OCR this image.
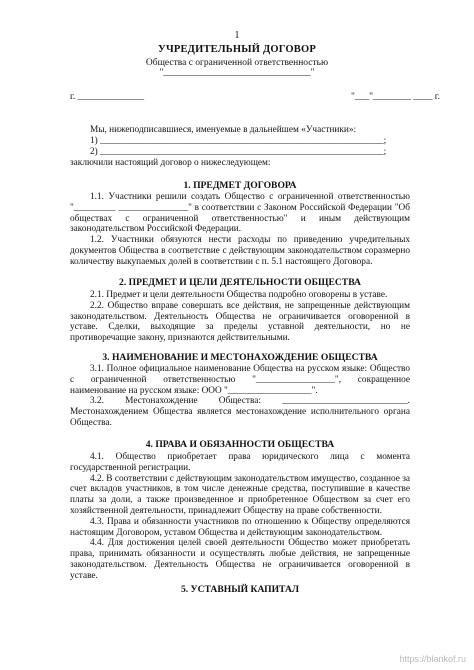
1
УЧРЕДИТЕЛЬНЫЙ ДОГОВОР
Общества с ограниченной ответственностью
"_______________________________"
г. ______________	"___"________ ____ г.

Мы, нижеподписавшиеся, именуемые в дальнейшем «Участники»:

1) _____________________________________________________________;

2) _____________________________________________________________;

заключили настоящий договор о нижеследующем:

1. ПРЕДМЕТ ДОГОВОРА

1.1. Участники решили создать Общество с ограниченной ответственностью "_________ _______________" в соответствии с Законом Российской Федерации "Об обществах с ограниченной ответственностью" и иным действующим законодательством Российской Федерации.

1.2. Участники обязуются нести расходы по приведению учредительных документов Общества в соответствие с действующим законодательством соразмерно количеству выкупаемых долей в соответствии с п. 5.1 настоящего Договора.

2. ПРЕДМЕТ И ЦЕЛИ ДЕЯТЕЛЬНОСТИ ОБЩЕСТВА

2.1. Предмет и цели деятельности Общества подробно оговорены в уставе.

2.2. Общество вправе совершать все действия, не запрещенные действующим законодательством. Деятельность Общества не ограничивается оговоренной в уставе. Сделки, выходящие за пределы уставной деятельности, но не противоречащие закону, признаются действительными.

3. НАИМЕНОВАНИЕ И МЕСТОНАХОЖДЕНИЕ ОБЩЕСТВА

3.1. Полное официальное наименование Общества на русском языке: Общество с ограниченной ответственностью "_________________", сокращенное наименование на русском языке: ООО "__________________".

3.2. Местонахождение Общества: ___________________________. Местонахождением Общества является местонахождение исполнительного органа Общества.

4. ПРАВА И ОБЯЗАННОСТИ ОБЩЕСТВА

4.1. Общество приобретает права юридического лица с момента государственной регистрации.

4.2. В соответствии с действующим законодательством имущество, созданное за счет вкладов участников, в том числе денежные средства, поступившие в качестве платы за доли, а также произведенное и приобретенное Обществом за счет его хозяйственной деятельности, принадлежит Обществу на праве собственности.

4.3. Права и обязанности участников по отношению к Обществу определяются настоящим Договором, уставом Общества и действующим законодательством.

4.4. Для достижения целей своей деятельности Общество может приобретать права, принимать обязанности и осуществлять любые действия, не запрещенные законодательством. Деятельность Общества не ограничивается оговоренной в уставе.

5. УСТАВНЫЙ КАПИТАЛ
https://blankof.ru
